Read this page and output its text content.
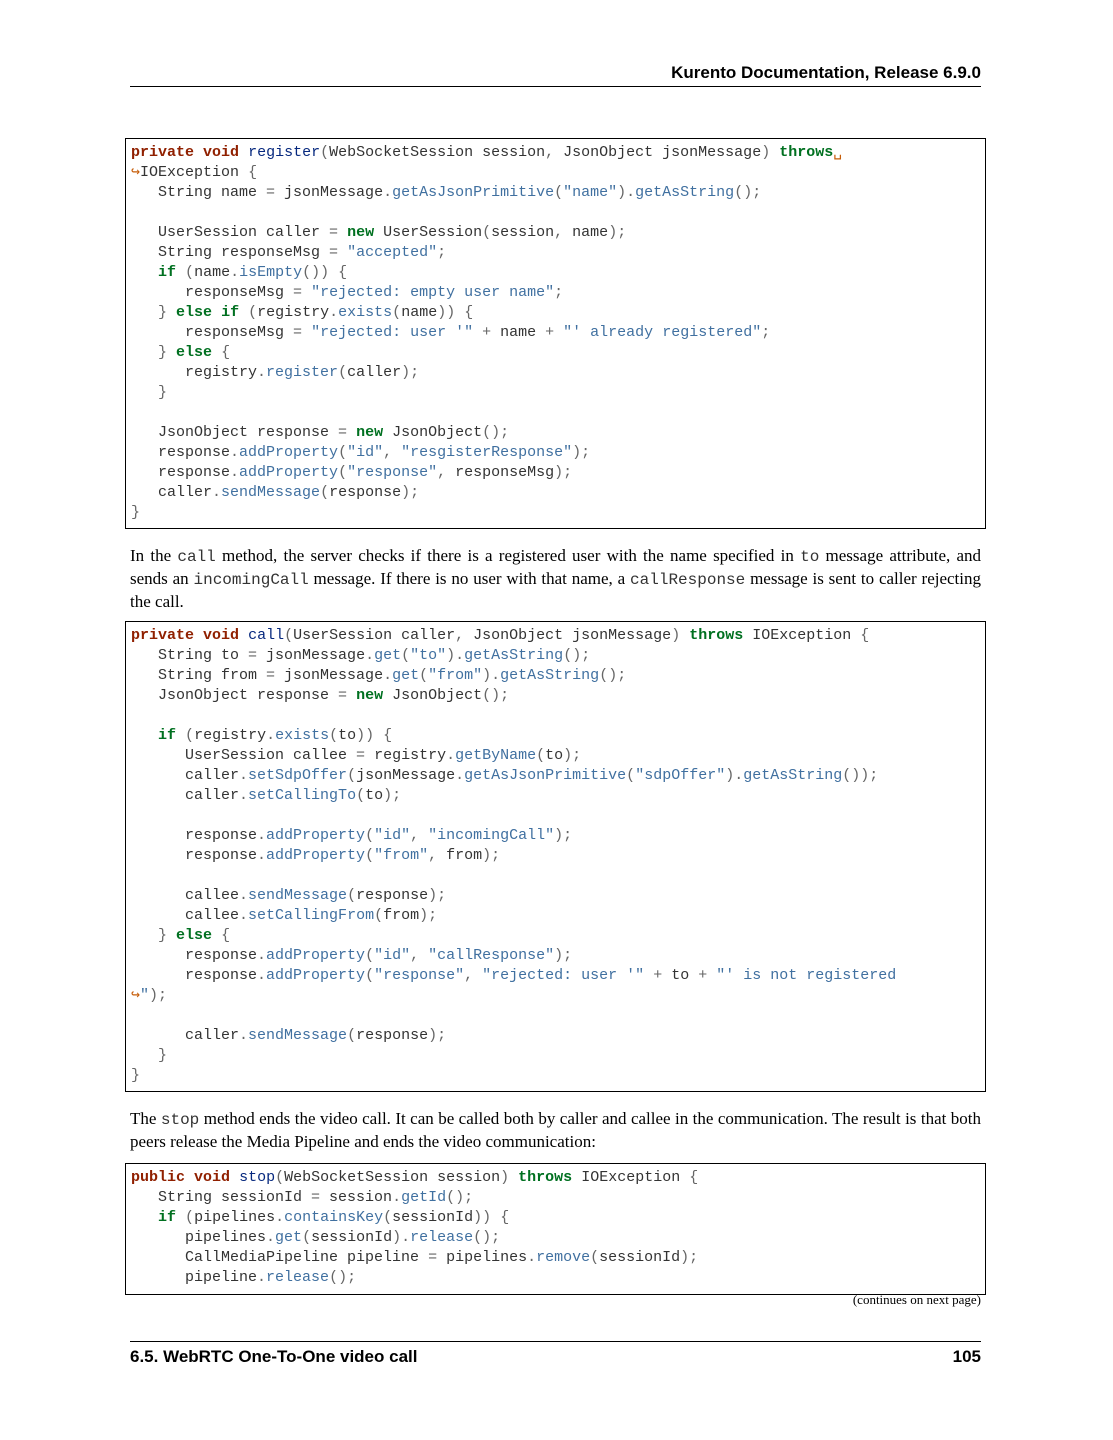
Kurento Documentation, Release 6.9.0
private void register(WebSocketSession session, JsonObject jsonMessage) throws␣
↪IOException {
String name = jsonMessage.getAsJsonPrimitive("name").getAsString();

UserSession caller = new UserSession(session, name);
String responseMsg = "accepted";
if (name.isEmpty()) {
responseMsg = "rejected: empty user name";
} else if (registry.exists(name)) {
responseMsg = "rejected: user '" + name + "' already registered";
} else {
registry.register(caller);
}

JsonObject response = new JsonObject();
response.addProperty("id", "resgisterResponse");
response.addProperty("response", responseMsg);
caller.sendMessage(response);
}
In the call method, the server checks if there is a registered user with the name specified in to message attribute, and sends an incomingCall message. If there is no user with that name, a callResponse message is sent to caller rejecting the call.
private void call(UserSession caller, JsonObject jsonMessage) throws IOException {
String to = jsonMessage.get("to").getAsString();
String from = jsonMessage.get("from").getAsString();
JsonObject response = new JsonObject();

if (registry.exists(to)) {
UserSession callee = registry.getByName(to);
caller.setSdpOffer(jsonMessage.getAsJsonPrimitive("sdpOffer").getAsString());
caller.setCallingTo(to);

response.addProperty("id", "incomingCall");
response.addProperty("from", from);

callee.sendMessage(response);
callee.setCallingFrom(from);
} else {
response.addProperty("id", "callResponse");
response.addProperty("response", "rejected: user '" + to + "' is not registered
↪");

caller.sendMessage(response);
}
}
The stop method ends the video call. It can be called both by caller and callee in the communication. The result is that both peers release the Media Pipeline and ends the video communication:
public void stop(WebSocketSession session) throws IOException {
String sessionId = session.getId();
if (pipelines.containsKey(sessionId)) {
pipelines.get(sessionId).release();
CallMediaPipeline pipeline = pipelines.remove(sessionId);
pipeline.release();
(continues on next page)
6.5. WebRTC One-To-One video call	105
